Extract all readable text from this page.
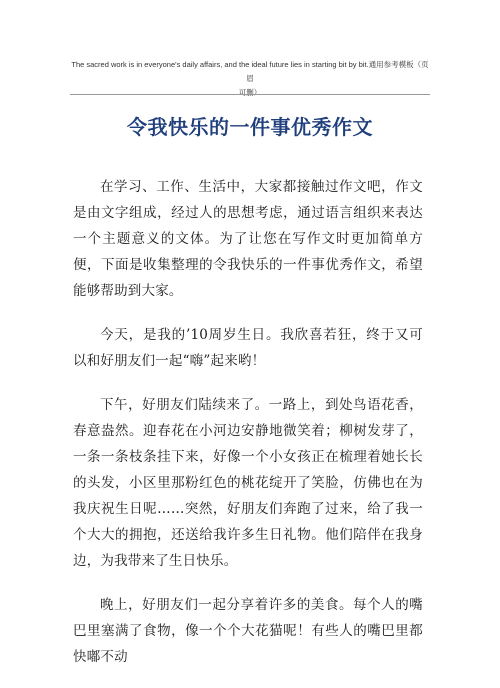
The sacred work is in everyone's daily affairs, and the ideal future lies in starting bit by bit.通用参考模板（页眉
可删）
令我快乐的一件事优秀作文

在学习、工作、生活中，大家都接触过作文吧，作文是由文字组成，经过人的思想考虑，通过语言组织来表达一个主题意义的文体。为了让您在写作文时更加简单方便，下面是收集整理的令我快乐的一件事优秀作文，希望能够帮助到大家。

今天，是我的’10周岁生日。我欣喜若狂，终于又可以和好朋友们一起“嗨”起来哟！

下午，好朋友们陆续来了。一路上，到处鸟语花香，春意盎然。迎春花在小河边安静地微笑着；柳树发芽了，一条一条枝条挂下来，好像一个小女孩正在梳理着她长长的头发，小区里那粉红色的桃花绽开了笑脸，仿佛也在为我庆祝生日呢……突然，好朋友们奔跑了过来，给了我一个大大的拥抱，还送给我许多生日礼物。他们陪伴在我身边，为我带来了生日快乐。

晚上，好朋友们一起分享着许多的美食。每个人的嘴巴里塞满了食物，像一个个大花猫呢！有些人的嘴巴里都快嘟不动
